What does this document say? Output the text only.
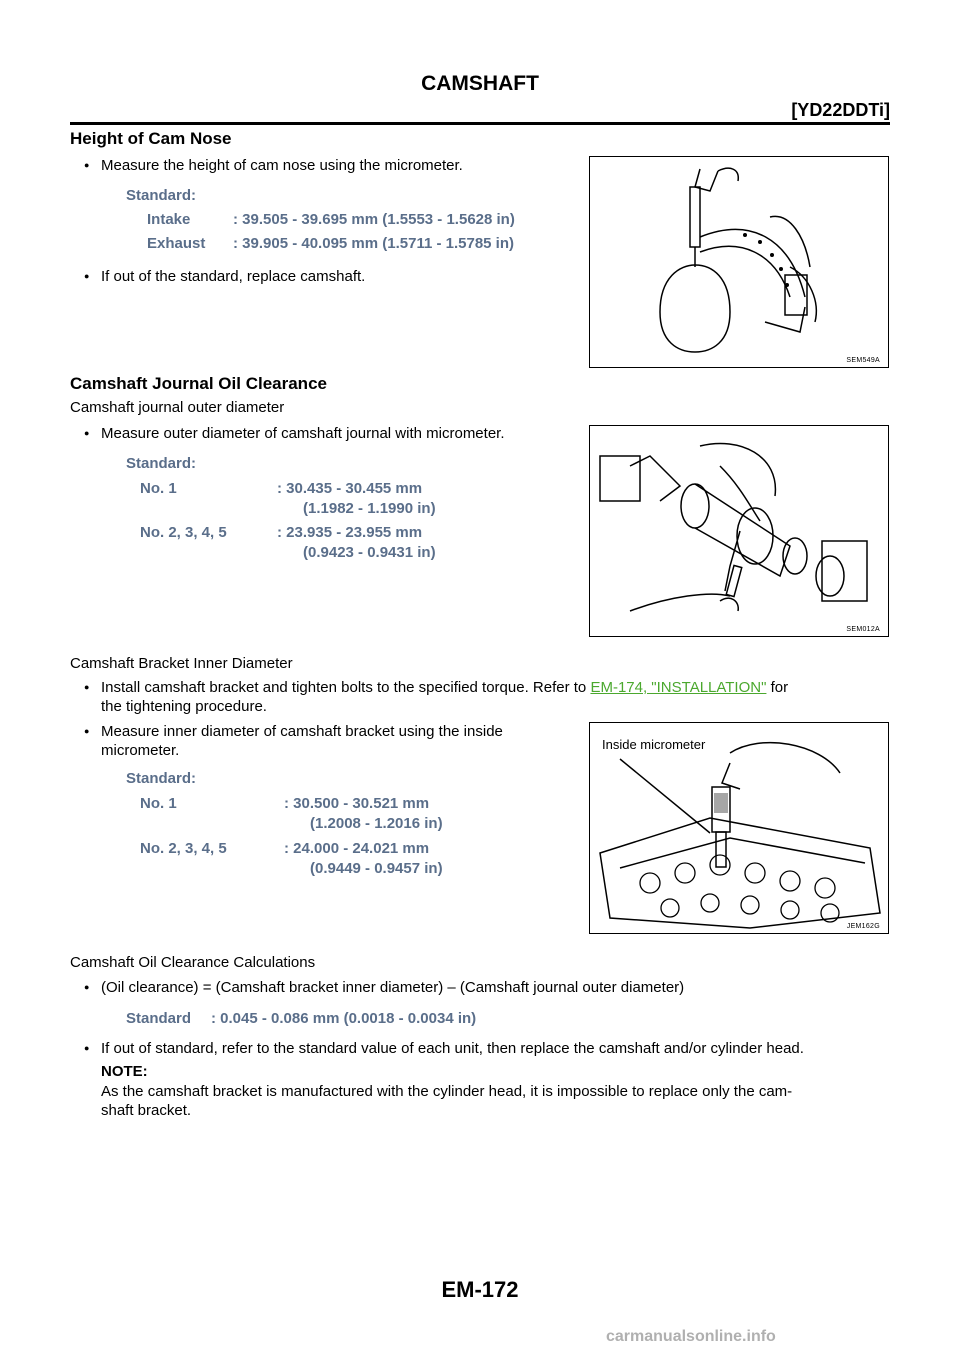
CAMSHAFT
[YD22DDTi]
Height of Cam Nose
● Measure the height of cam nose using the micrometer.
Standard:
Intake	: 39.505 - 39.695 mm (1.5553 - 1.5628 in)
Exhaust : 39.905 - 40.095 mm (1.5711 - 1.5785 in)
● If out of the standard, replace camshaft.
SEM549A
Camshaft Journal Oil Clearance
Camshaft journal outer diameter
● Measure outer diameter of camshaft journal with micrometer.
Standard:
No. 1	: 30.435 - 30.455 mm
(1.1982 - 1.1990 in)
No. 2, 3, 4, 5	: 23.935 - 23.955 mm
(0.9423 - 0.9431 in)
SEM012A
Camshaft Bracket Inner Diameter
● Install camshaft bracket and tighten bolts to the specified torque. Refer to EM-174, "INSTALLATION" for
the tightening procedure.
● Measure inner diameter of camshaft bracket using the inside
micrometer.
Standard:
No. 1	: 30.500 - 30.521 mm
(1.2008 - 1.2016 in)
No. 2, 3, 4, 5	: 24.000 - 24.021 mm
(0.9449 - 0.9457 in)
Inside micrometer
JEM162G
Camshaft Oil Clearance Calculations
● (Oil clearance) = (Camshaft bracket inner diameter) – (Camshaft journal outer diameter)
Standard : 0.045 - 0.086 mm (0.0018 - 0.0034 in)
● If out of standard, refer to the standard value of each unit, then replace the camshaft and/or cylinder head.
NOTE:
As the camshaft bracket is manufactured with the cylinder head, it is impossible to replace only the cam-
shaft bracket.
EM-172
carmanualsonline.info
